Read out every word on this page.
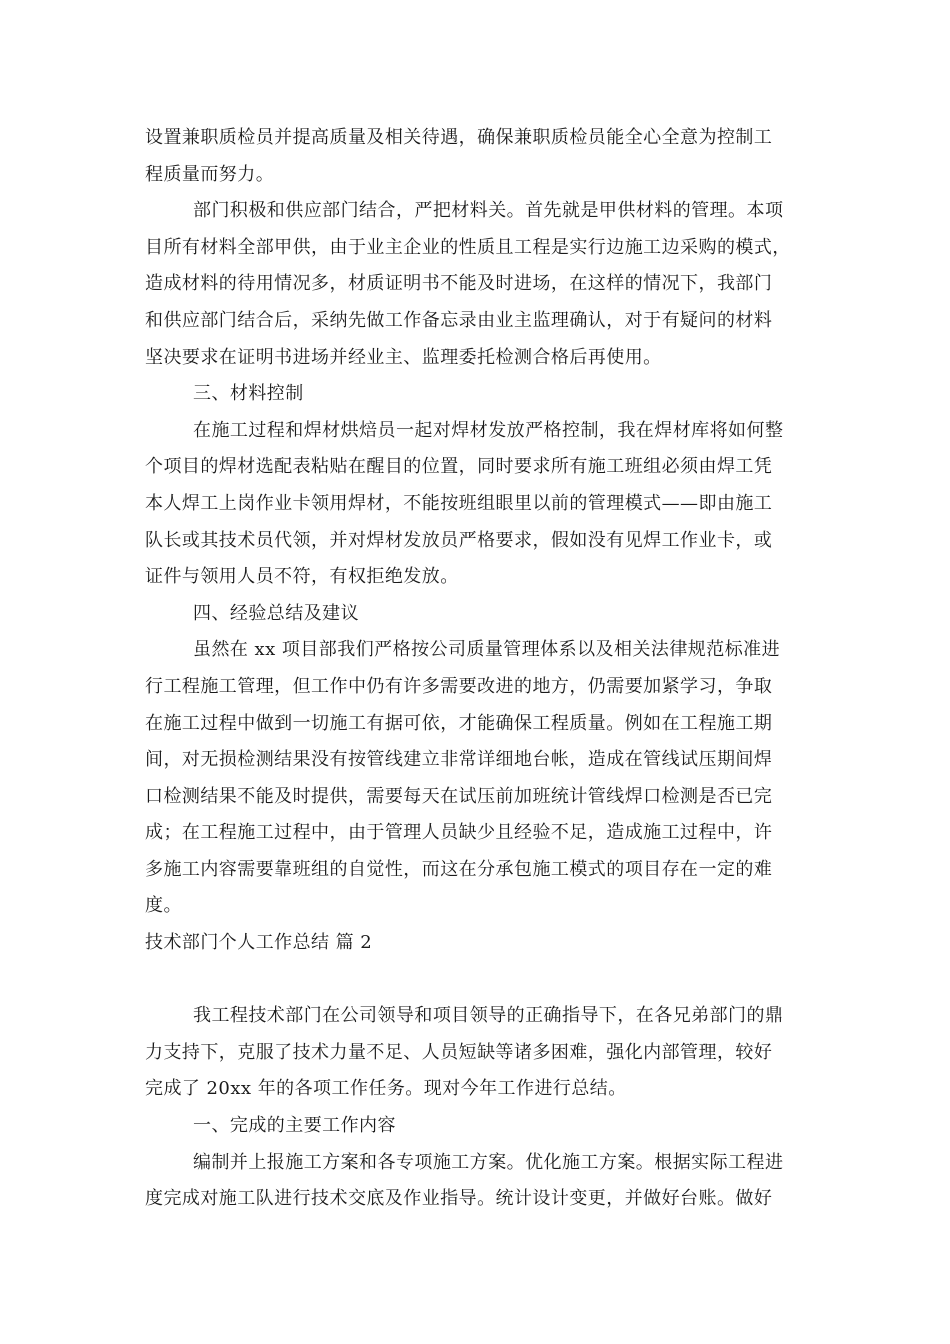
设置兼职质检员并提高质量及相关待遇，确保兼职质检员能全心全意为控制工
程质量而努力。
部门积极和供应部门结合，严把材料关。首先就是甲供材料的管理。本项
目所有材料全部甲供，由于业主企业的性质且工程是实行边施工边采购的模式，
造成材料的待用情况多，材质证明书不能及时进场，在这样的情况下，我部门
和供应部门结合后，采纳先做工作备忘录由业主监理确认，对于有疑问的材料
坚决要求在证明书进场并经业主、监理委托检测合格后再使用。
三、材料控制
在施工过程和焊材烘焙员一起对焊材发放严格控制，我在焊材库将如何整
个项目的焊材选配表粘贴在醒目的位置，同时要求所有施工班组必须由焊工凭
本人焊工上岗作业卡领用焊材，不能按班组眼里以前的管理模式——即由施工
队长或其技术员代领，并对焊材发放员严格要求，假如没有见焊工作业卡，或
证件与领用人员不符，有权拒绝发放。
四、经验总结及建议
虽然在 xx 项目部我们严格按公司质量管理体系以及相关法律规范标准进
行工程施工管理，但工作中仍有许多需要改进的地方，仍需要加紧学习，争取
在施工过程中做到一切施工有据可依，才能确保工程质量。例如在工程施工期
间，对无损检测结果没有按管线建立非常详细地台帐，造成在管线试压期间焊
口检测结果不能及时提供，需要每天在试压前加班统计管线焊口检测是否已完
成；在工程施工过程中，由于管理人员缺少且经验不足，造成施工过程中，许
多施工内容需要靠班组的自觉性，而这在分承包施工模式的项目存在一定的难
度。
技术部门个人工作总结 篇 2
我工程技术部门在公司领导和项目领导的正确指导下，在各兄弟部门的鼎
力支持下，克服了技术力量不足、人员短缺等诸多困难，强化内部管理，较好
完成了 20xx 年的各项工作任务。现对今年工作进行总结。
一、完成的主要工作内容
编制并上报施工方案和各专项施工方案。优化施工方案。根据实际工程进
度完成对施工队进行技术交底及作业指导。统计设计变更，并做好台账。做好
